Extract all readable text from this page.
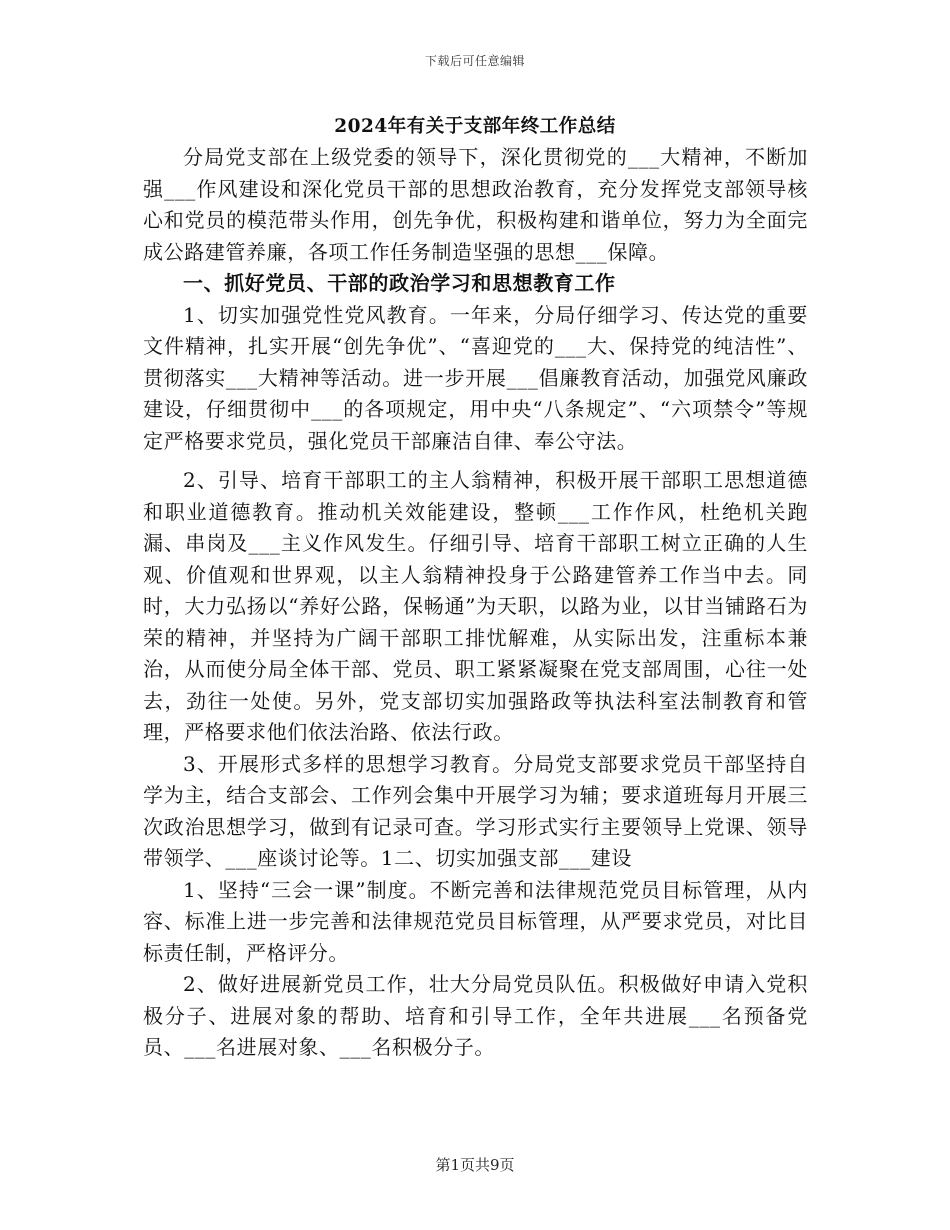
下载后可任意编辑
2024年有关于支部年终工作总结

分局党支部在上级党委的领导下，深化贯彻党的___大精神，不断加强___作风建设和深化党员干部的思想政治教育，充分发挥党支部领导核心和党员的模范带头作用，创先争优，积极构建和谐单位，努力为全面完成公路建管养廉，各项工作任务制造坚强的思想___保障。

一、抓好党员、干部的政治学习和思想教育工作

1、切实加强党性党风教育。一年来，分局仔细学习、传达党的重要文件精神，扎实开展“创先争优”、“喜迎党的___大、保持党的纯洁性”、贯彻落实___大精神等活动。进一步开展___倡廉教育活动，加强党风廉政建设，仔细贯彻中___的各项规定，用中央“八条规定”、“六项禁令”等规定严格要求党员，强化党员干部廉洁自律、奉公守法。

2、引导、培育干部职工的主人翁精神，积极开展干部职工思想道德和职业道德教育。推动机关效能建设，整顿___工作作风，杜绝机关跑漏、串岗及___主义作风发生。仔细引导、培育干部职工树立正确的人生观、价值观和世界观，以主人翁精神投身于公路建管养工作当中去。同时，大力弘扬以“养好公路，保畅通”为天职，以路为业，以甘当铺路石为荣的精神，并坚持为广阔干部职工排忧解难，从实际出发，注重标本兼治，从而使分局全体干部、党员、职工紧紧凝聚在党支部周围，心往一处去，劲往一处使。另外，党支部切实加强路政等执法科室法制教育和管理，严格要求他们依法治路、依法行政。

3、开展形式多样的思想学习教育。分局党支部要求党员干部坚持自学为主，结合支部会、工作列会集中开展学习为辅；要求道班每月开展三次政治思想学习，做到有记录可查。学习形式实行主要领导上党课、领导带领学、___座谈讨论等。1二、切实加强支部___建设

1、坚持“三会一课”制度。不断完善和法律规范党员目标管理，从内容、标准上进一步完善和法律规范党员目标管理，从严要求党员，对比目标责任制，严格评分。

2、做好进展新党员工作，壮大分局党员队伍。积极做好申请入党积极分子、进展对象的帮助、培育和引导工作，全年共进展___名预备党员、___名进展对象、___名积极分子。

第1页共9页
